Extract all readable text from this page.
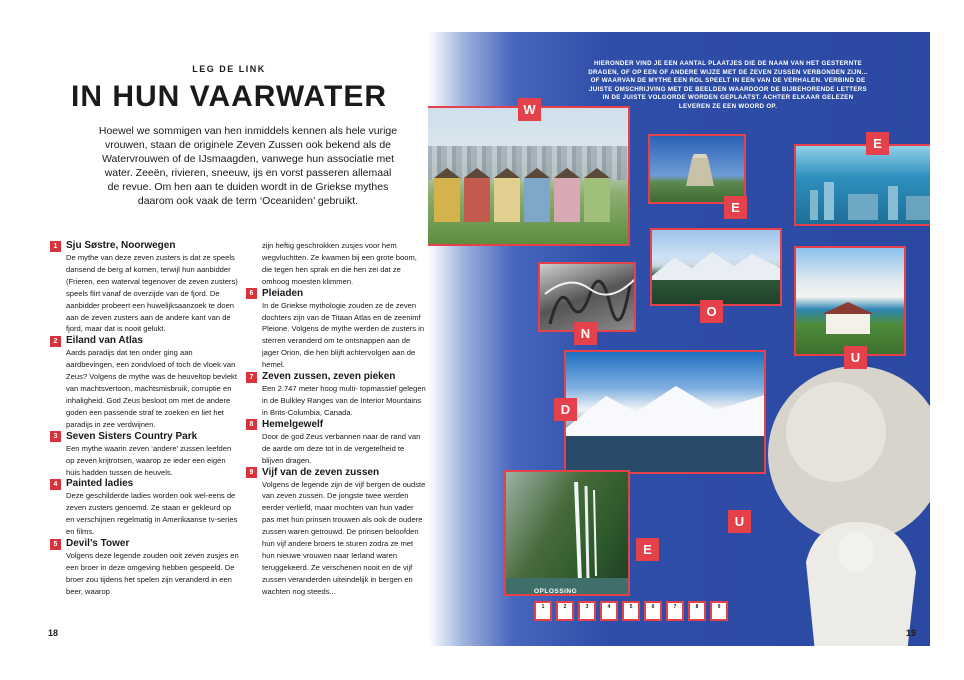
LEG DE LINK
IN HUN VAARWATER
Hoewel we sommigen van hen inmiddels kennen als hele vurige vrouwen, staan de originele Zeven Zussen ook bekend als de Watervrouwen of de IJsmaagden, vanwege hun associatie met water. Zeeën, rivieren, sneeuw, ijs en vorst passeren allemaal de revue. Om hen aan te duiden wordt in de Griekse mythes daarom ook vaak de term ‘Oceaniden’ gebruikt.
1 Sju Søstre, Noorwegen
De mythe van deze zeven zusters is dat ze speels dansend de berg af komen, terwijl hun aanbidder (Frieren, een waterval tegenover de zeven zusters) speels flirt vanaf de overzijde van de fjord. De aanbidder probeert een huwelijksaanzoek te doen aan de zeven zusters aan de andere kant van de fjord, maar dat is nooit gelukt.
2 Eiland van Atlas
Aards paradijs dat ten onder ging aan aardbevingen, een zondvloed of toch de vloek van Zeus? Volgens de mythe was de heuveltop bevlekt van machtsvertoon, machtsmisbruik, corruptie en inhaligheid. God Zeus besloot om met de andere goden een passende straf te zoeken en liet het paradijs in zee verdwijnen.
3 Seven Sisters Country Park
Een mythe waarin zeven ‘andere’ zussen leefden op zeven krijtrotsen, waarop ze ieder een eigen huis hadden tussen de heuvels.
4 Painted ladies
Deze geschilderde ladies worden ook wel-eens de zeven zusters genoemd. Ze staan er gekleurd op en verschijnen regelmatig in Amerikaanse tv-series en films.
5 Devil’s Tower
Volgens deze legende zouden ooit zeven zusjes en een broer in deze omgeving hebben gespeeld. De broer zou tijdens het spelen zijn veranderd in een beer, waarop
zijn heftig geschrokken zusjes voor hem wegvluchtten. Ze kwamen bij een grote boom, die tegen hen sprak en die hen zei dat ze omhoog moesten klimmen.
6 Pleiaden
In de Griekse mythologie zouden ze de zeven dochters zijn van de Titaan Atlas en de zeenimf Pleione. Volgens de mythe werden de zusters in sterren veranderd om te ontsnappen aan de jager Orion, die hen blijft achtervolgen aan de hemel.
7 Zeven zussen, zeven pieken
Een 2.747 meter hoog multi- topmassief gelegen in de Bulkley Ranges van de Interior Mountains in Brits-Columbia, Canada.
8 Hemelgewelf
Door de god Zeus verbannen naar de rand van de aarde om deze tot in de vergetelheid te blijven dragen.
9 Vijf van de zeven zussen
Volgens de legende zijn de vijf bergen de oudste van zeven zussen. De jongste twee werden eerder verliefd, maar mochten van hun vader pas met hun prinsen trouwen als ook de oudere zussen waren getrouwd. De prinsen beloofden hun vijf andere broers te sturen zodra ze met hun nieuwe vrouwen naar Ierland waren teruggekeerd. Ze verschenen nooit en de vijf zussen veranderden uiteindelijk in bergen en wachten nog steeds...
18
HIERONDER VIND JE EEN AANTAL PLAATJES DIE DE NAAM VAN HET GESTERNTE DRAGEN, OF OP EEN OF ANDERE WIJZE MET DE ZEVEN ZUSSEN VERBONDEN ZIJN... OF WAARVAN DE MYTHE EEN ROL SPEELT IN EEN VAN DE VERHALEN. VERBIND DE JUISTE OMSCHRIJVING MET DE BEELDEN WAARDOOR DE BIJBEHORENDE LETTERS IN DE JUISTE VOLGORDE WORDEN GEPLAATST. ACHTER ELKAAR GELEZEN LEVEREN ZE EEN WOORD OP.
W
E
E
O
N
U
D
U
E
OPLOSSING
1	2	3	4	5	6	7	8	9
19
